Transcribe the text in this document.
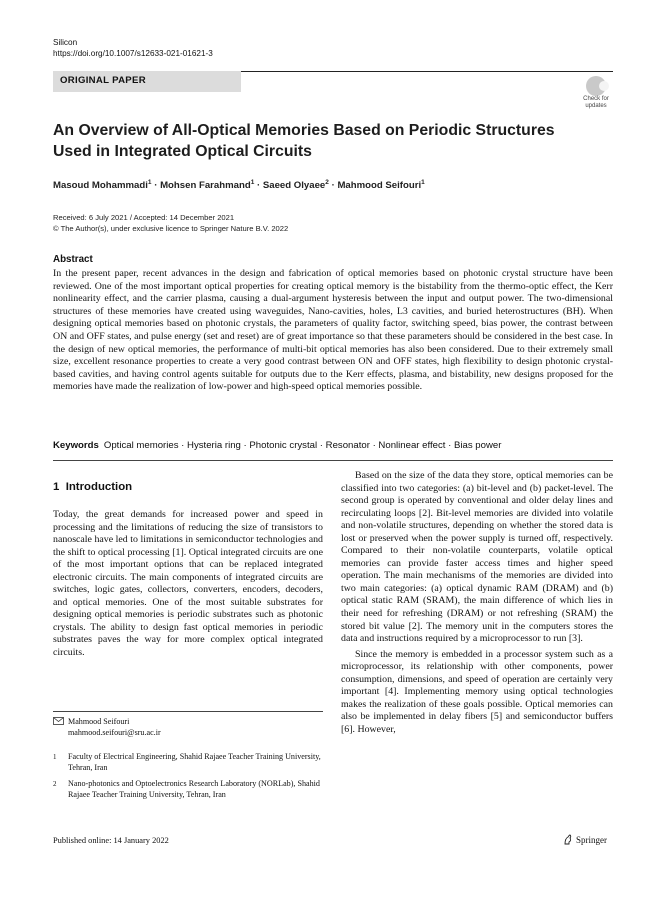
Silicon
https://doi.org/10.1007/s12633-021-01621-3
ORIGINAL PAPER
Check for
updates
An Overview of All-Optical Memories Based on Periodic Structures Used in Integrated Optical Circuits
Masoud Mohammadi$^1$ · Mohsen Farahmand$^1$ · Saeed Olyaee$^2$ · Mahmood Seifouri$^1$
Received: 6 July 2021 / Accepted: 14 December 2021
© The Author(s), under exclusive licence to Springer Nature B.V. 2022
Abstract
In the present paper, recent advances in the design and fabrication of optical memories based on photonic crystal structure have been reviewed. One of the most important optical properties for creating optical memory is the bistability from the thermo-optic effect, the Kerr nonlinearity effect, and the carrier plasma, causing a dual-argument hysteresis between the input and output power. The two-dimensional structures of these memories have created using waveguides, Nano-cavities, holes, L3 cavities, and buried heterostructures (BH). When designing optical memories based on photonic crystals, the parameters of quality factor, switching speed, bias power, the contrast between ON and OFF states, and pulse energy (set and reset) are of great importance so that these parameters should be considered in the best case. In the design of new optical memories, the performance of multi-bit optical memories has also been considered. Due to their extremely small size, excellent resonance properties to create a very good contrast between ON and OFF states, high flexibility to design photonic crystal-based cavities, and having control agents suitable for outputs due to the Kerr effects, plasma, and bistability, new designs proposed for the memories have made the realization of low-power and high-speed optical memories possible.
Keywords Optical memories · Hysteria ring · Photonic crystal · Resonator · Nonlinear effect · Bias power
1 Introduction

Today, the great demands for increased power and speed in processing and the limitations of reducing the size of transistors to nanoscale have led to limitations in semiconductor technologies and the shift to optical processing [1]. Optical integrated circuits are one of the most important options that can be replaced integrated electronic circuits. The main components of integrated circuits are switches, logic gates, collectors, converters, encoders, decoders, and optical memories. One of the most suitable substrates for designing optical memories is periodic substrates such as photonic crystals. The ability to design fast optical memories in periodic substrates paves the way for more complex optical integrated circuits.

Based on the size of the data they store, optical memories can be classified into two categories: (a) bit-level and (b) packet-level. The second group is operated by conventional and older delay lines and recirculating loops [2]. Bit-level memories are divided into volatile and non-volatile structures, depending on whether the stored data is lost or preserved when the power supply is turned off, respectively. Compared to their non-volatile counterparts, volatile optical memories can provide faster access times and higher speed operation. The main mechanisms of the memories are divided into two main categories: (a) optical dynamic RAM (DRAM) and (b) optical static RAM (SRAM), the main difference of which lies in their need for refreshing (DRAM) or not refreshing (SRAM) the stored bit value [2]. The memory unit in the computers stores the data and instructions required by a microprocessor to run [3].

Since the memory is embedded in a processor system such as a microprocessor, its relationship with other components, power consumption, dimensions, and speed of operation are certainly very important [4]. Implementing memory using optical technologies makes the realization of these goals possible. Optical memories can also be implemented in delay fibers [5] and semiconductor buffers [6]. However,

Mahmood Seifouri
mahmood.seifouri@sru.ac.ir
1 Faculty of Electrical Engineering, Shahid Rajaee Teacher Training University, Tehran, Iran
2 Nano-photonics and Optoelectronics Research Laboratory (NORLab), Shahid Rajaee Teacher Training University, Tehran, Iran
Published online: 14 January 2022	Springer
